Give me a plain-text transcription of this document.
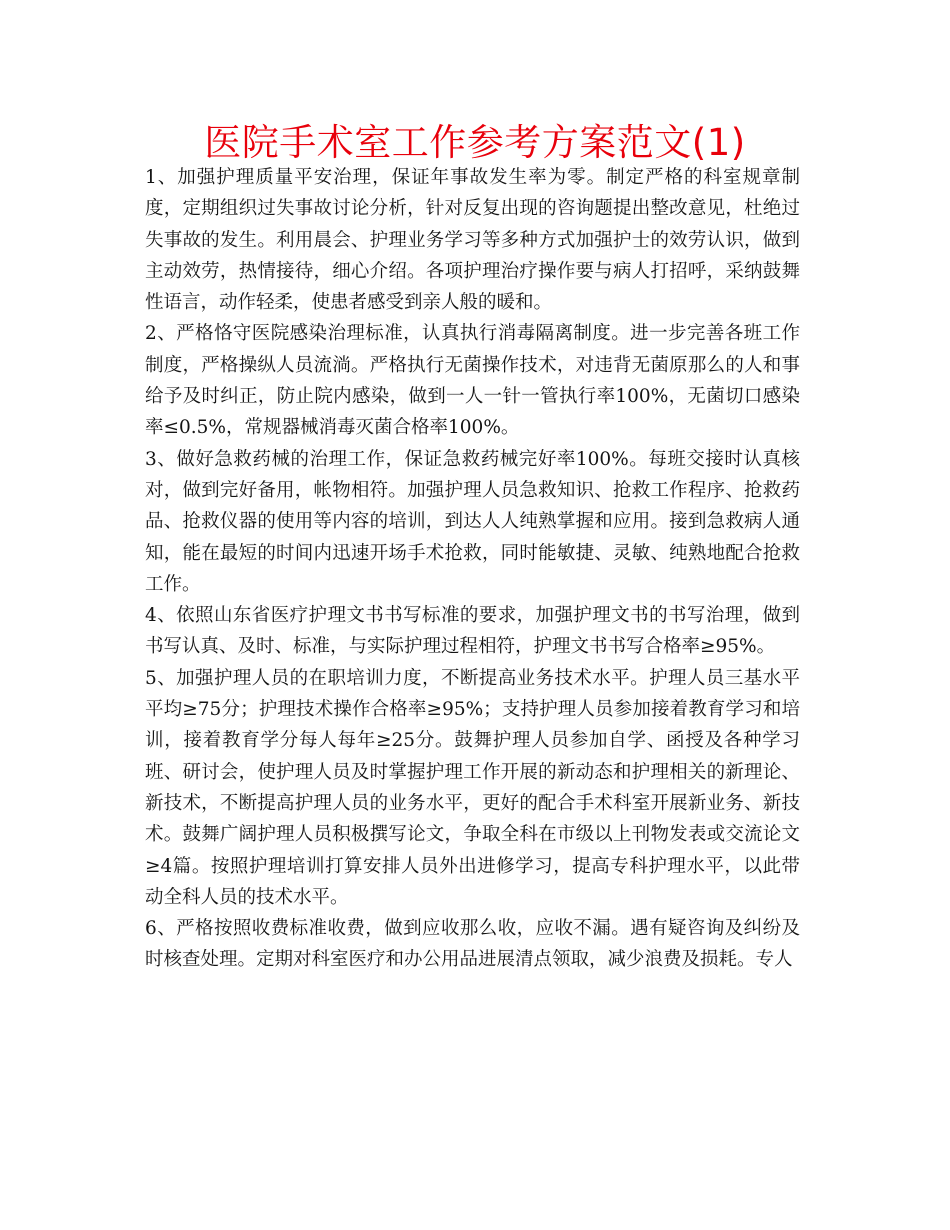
医院手术室工作参考方案范文(1)

1、加强护理质量平安治理，保证年事故发生率为零。制定严格的科室规章制度，定期组织过失事故讨论分析，针对反复出现的咨询题提出整改意见，杜绝过失事故的发生。利用晨会、护理业务学习等多种方式加强护士的效劳认识，做到主动效劳，热情接待，细心介绍。各项护理治疗操作要与病人打招呼，采纳鼓舞性语言，动作轻柔，使患者感受到亲人般的暖和。

2、严格恪守医院感染治理标准，认真执行消毒隔离制度。进一步完善各班工作制度，严格操纵人员流淌。严格执行无菌操作技术，对违背无菌原那么的人和事给予及时纠正，防止院内感染，做到一人一针一管执行率100%，无菌切口感染率≤0.5%，常规器械消毒灭菌合格率100%。

3、做好急救药械的治理工作，保证急救药械完好率100%。每班交接时认真核对，做到完好备用，帐物相符。加强护理人员急救知识、抢救工作程序、抢救药品、抢救仪器的使用等内容的培训，到达人人纯熟掌握和应用。接到急救病人通知，能在最短的时间内迅速开场手术抢救，同时能敏捷、灵敏、纯熟地配合抢救工作。

4、依照山东省医疗护理文书书写标准的要求，加强护理文书的书写治理，做到书写认真、及时、标准，与实际护理过程相符，护理文书书写合格率≥95%。

5、加强护理人员的在职培训力度，不断提高业务技术水平。护理人员三基水平平均≥75分；护理技术操作合格率≥95%；支持护理人员参加接着教育学习和培训，接着教育学分每人每年≥25分。鼓舞护理人员参加自学、函授及各种学习班、研讨会，使护理人员及时掌握护理工作开展的新动态和护理相关的新理论、新技术，不断提高护理人员的业务水平，更好的配合手术科室开展新业务、新技术。鼓舞广阔护理人员积极撰写论文，争取全科在市级以上刊物发表或交流论文≥4篇。按照护理培训打算安排人员外出进修学习，提高专科护理水平，以此带动全科人员的技术水平。

6、严格按照收费标准收费，做到应收那么收，应收不漏。遇有疑咨询及纠纷及时核查处理。定期对科室医疗和办公用品进展清点领取，减少浪费及损耗。专人
